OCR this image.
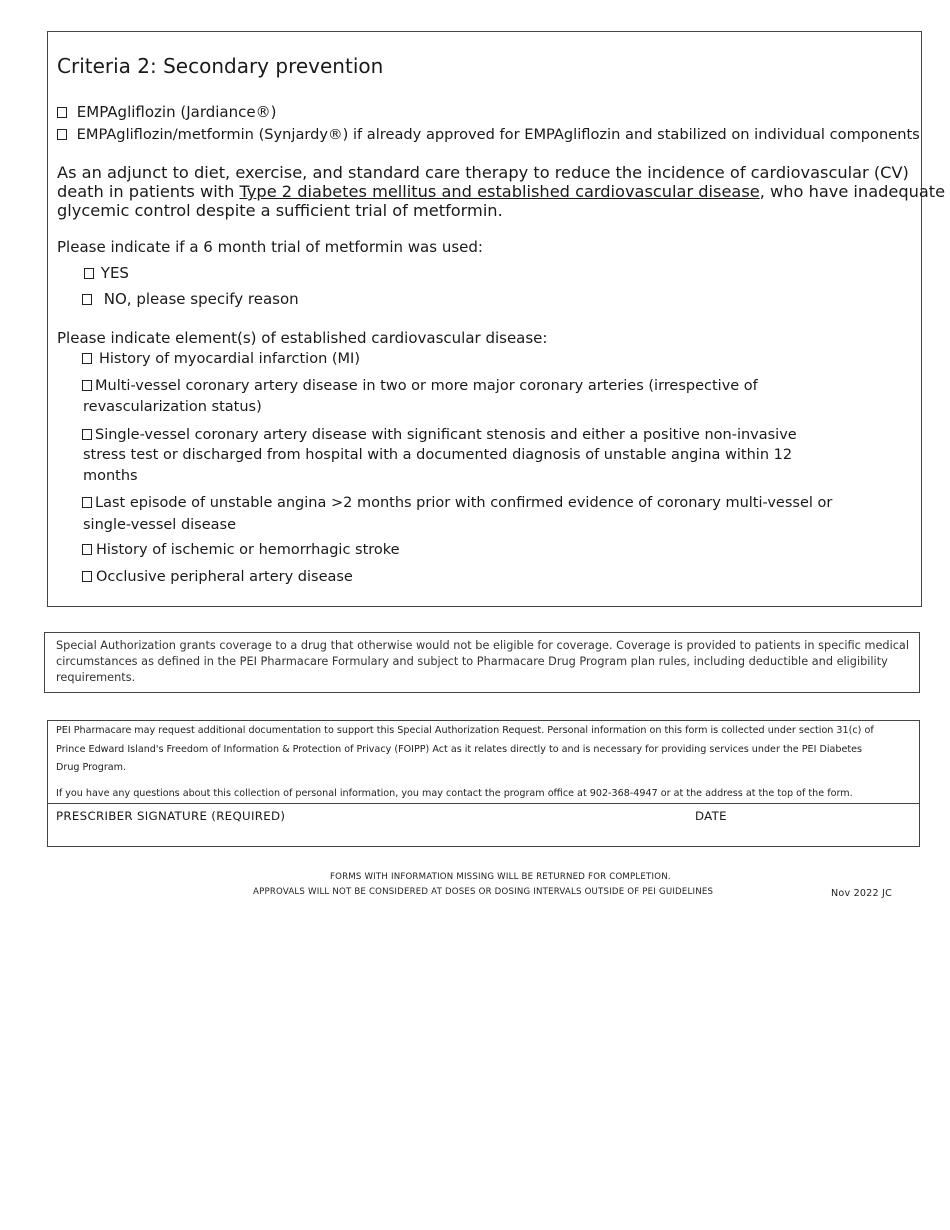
Criteria 2: Secondary prevention
EMPAgliflozin (Jardiance®)
EMPAgliflozin/metformin (Synjardy®) if already approved for EMPAgliflozin and stabilized on individual components
As an adjunct to diet, exercise, and standard care therapy to reduce the incidence of cardiovascular (CV)
death in patients with Type 2 diabetes mellitus and established cardiovascular disease, who have inadequate
glycemic control despite a sufficient trial of metformin.
Please indicate if a 6 month trial of metformin was used:
YES
NO, please specify reason
Please indicate element(s) of established cardiovascular disease:
History of myocardial infarction (MI)
Multi-vessel coronary artery disease in two or more major coronary arteries (irrespective of
revascularization status)
Single-vessel coronary artery disease with significant stenosis and either a positive non-invasive
stress test or discharged from hospital with a documented diagnosis of unstable angina within 12
months
Last episode of unstable angina >2 months prior with confirmed evidence of coronary multi-vessel or
single-vessel disease
History of ischemic or hemorrhagic stroke
Occlusive peripheral artery disease
Special Authorization grants coverage to a drug that otherwise would not be eligible for coverage. Coverage is provided to patients in specific medical
circumstances as defined in the PEI Pharmacare Formulary and subject to Pharmacare Drug Program plan rules, including deductible and eligibility
requirements.
PEI Pharmacare may request additional documentation to support this Special Authorization Request. Personal information on this form is collected under section 31(c) of
Prince Edward Island's Freedom of Information & Protection of Privacy (FOIPP) Act as it relates directly to and is necessary for providing services under the PEI Diabetes
Drug Program.
If you have any questions about this collection of personal information, you may contact the program office at 902-368-4947 or at the address at the top of the form.
PRESCRIBER SIGNATURE (REQUIRED)	DATE
FORMS WITH INFORMATION MISSING WILL BE RETURNED FOR COMPLETION.
APPROVALS WILL NOT BE CONSIDERED AT DOSES OR DOSING INTERVALS OUTSIDE OF PEI GUIDELINES	Nov 2022 JC
